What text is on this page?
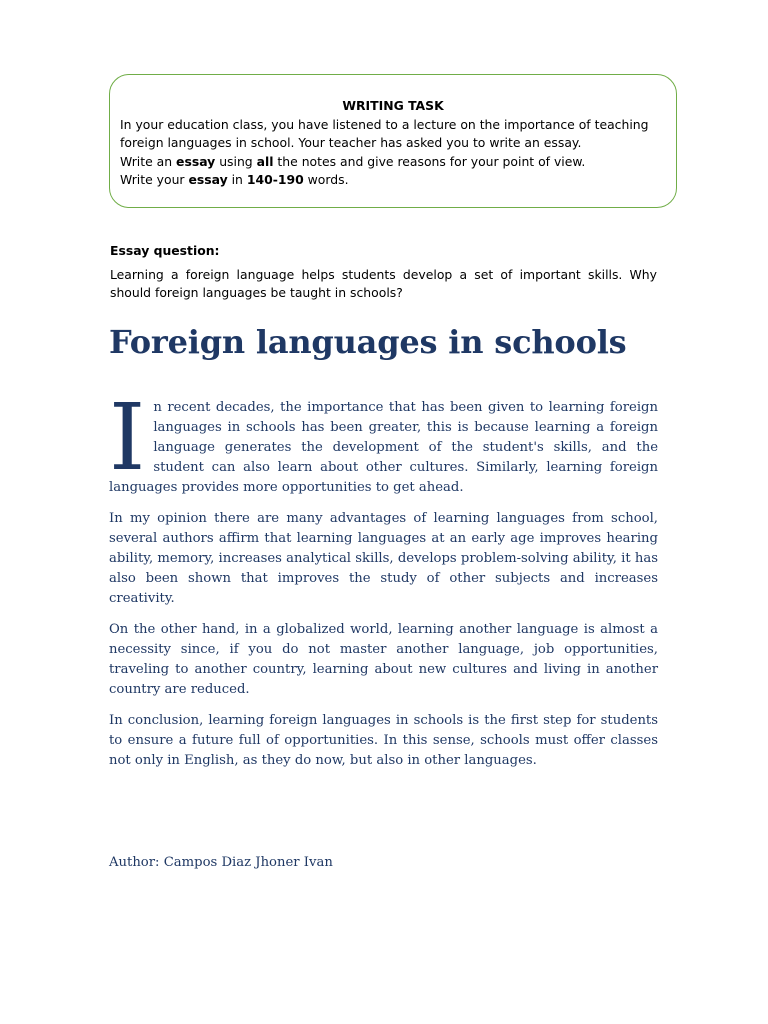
WRITING TASK

In your education class, you have listened to a lecture on the importance of teaching

foreign languages in school. Your teacher has asked you to write an essay.

Write an essay using all the notes and give reasons for your point of view.

Write your essay in 140-190 words.

Essay question:

Learning a foreign language helps students develop a set of important skills. Why should foreign languages be taught in schools?

Foreign languages in schools

In recent decades, the importance that has been given to learning foreign languages in schools has been greater, this is because learning a foreign language generates the development of the student's skills, and the student can also learn about other cultures. Similarly, learning foreign languages provides more opportunities to get ahead.

In my opinion there are many advantages of learning languages from school, several authors affirm that learning languages at an early age improves hearing ability, memory, increases analytical skills, develops problem-solving ability, it has also been shown that improves the study of other subjects and increases creativity.

On the other hand, in a globalized world, learning another language is almost a necessity since, if you do not master another language, job opportunities, traveling to another country, learning about new cultures and living in another country are reduced.

In conclusion, learning foreign languages in schools is the first step for students to ensure a future full of opportunities. In this sense, schools must offer classes not only in English, as they do now, but also in other languages.

Author: Campos Diaz Jhoner Ivan
